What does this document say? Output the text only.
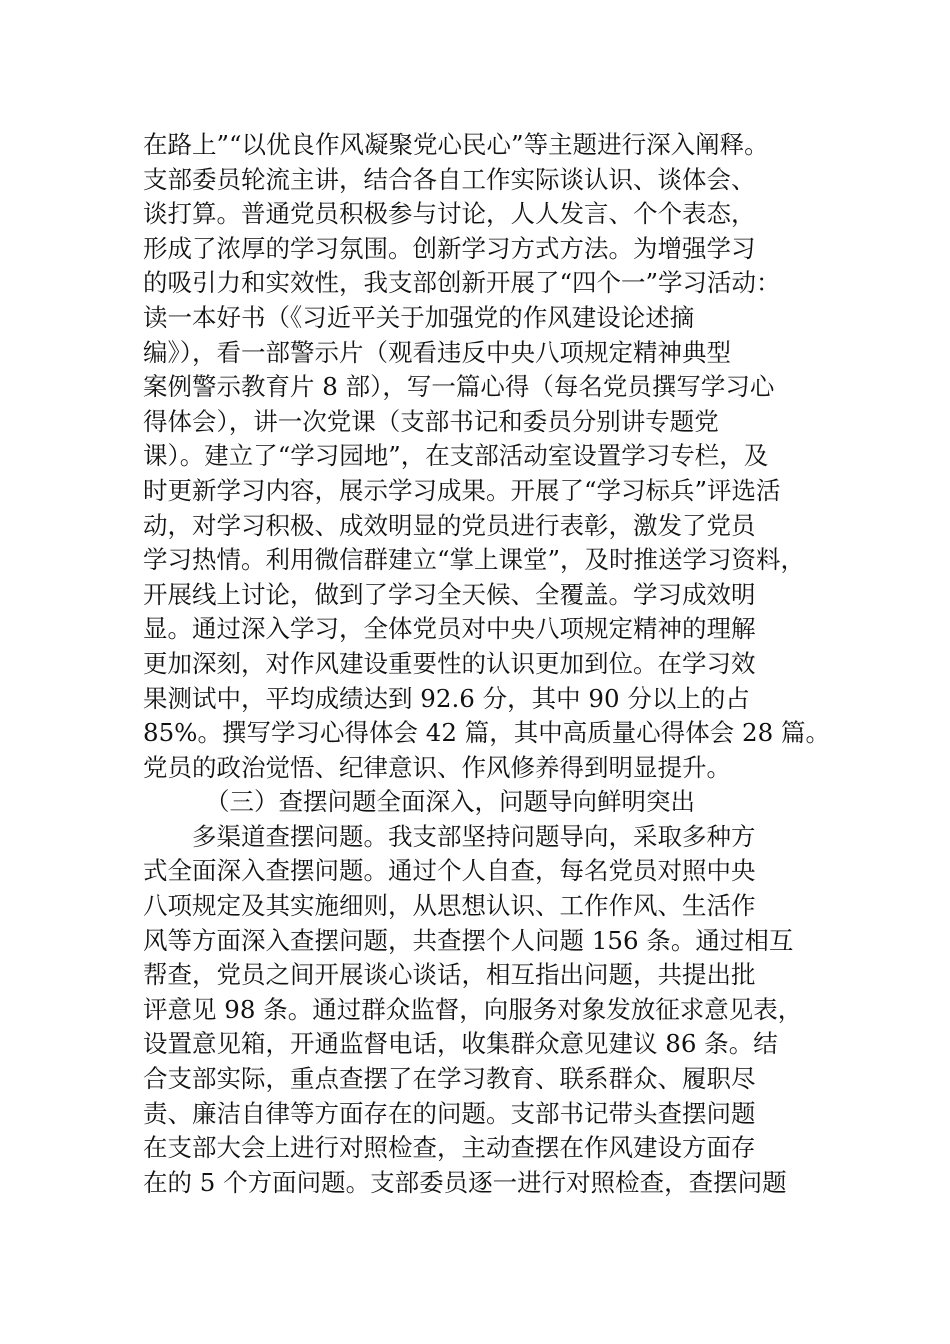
在路上”“以优良作风凝聚党心民心”等主题进行深入阐释。
支部委员轮流主讲，结合各自工作实际谈认识、谈体会、
谈打算。普通党员积极参与讨论，人人发言、个个表态，
形成了浓厚的学习氛围。创新学习方式方法。为增强学习
的吸引力和实效性，我支部创新开展了“四个一”学习活动：
读一本好书（《习近平关于加强党的作风建设论述摘
编》），看一部警示片（观看违反中央八项规定精神典型
案例警示教育片 8 部），写一篇心得（每名党员撰写学习心
得体会），讲一次党课（支部书记和委员分别讲专题党
课）。建立了“学习园地”，在支部活动室设置学习专栏，及
时更新学习内容，展示学习成果。开展了“学习标兵”评选活
动，对学习积极、成效明显的党员进行表彰，激发了党员
学习热情。利用微信群建立“掌上课堂”，及时推送学习资料，
开展线上讨论，做到了学习全天候、全覆盖。学习成效明
显。通过深入学习，全体党员对中央八项规定精神的理解
更加深刻，对作风建设重要性的认识更加到位。在学习效
果测试中，平均成绩达到 92.6 分，其中 90 分以上的占
85%。撰写学习心得体会 42 篇，其中高质量心得体会 28 篇。
党员的政治觉悟、纪律意识、作风修养得到明显提升。
（三）查摆问题全面深入，问题导向鲜明突出
多渠道查摆问题。我支部坚持问题导向，采取多种方
式全面深入查摆问题。通过个人自查，每名党员对照中央
八项规定及其实施细则，从思想认识、工作作风、生活作
风等方面深入查摆问题，共查摆个人问题 156 条。通过相互
帮查，党员之间开展谈心谈话，相互指出问题，共提出批
评意见 98 条。通过群众监督，向服务对象发放征求意见表，
设置意见箱，开通监督电话，收集群众意见建议 86 条。结
合支部实际，重点查摆了在学习教育、联系群众、履职尽
责、廉洁自律等方面存在的问题。支部书记带头查摆问题
在支部大会上进行对照检查，主动查摆在作风建设方面存
在的 5 个方面问题。支部委员逐一进行对照检查，查摆问题
